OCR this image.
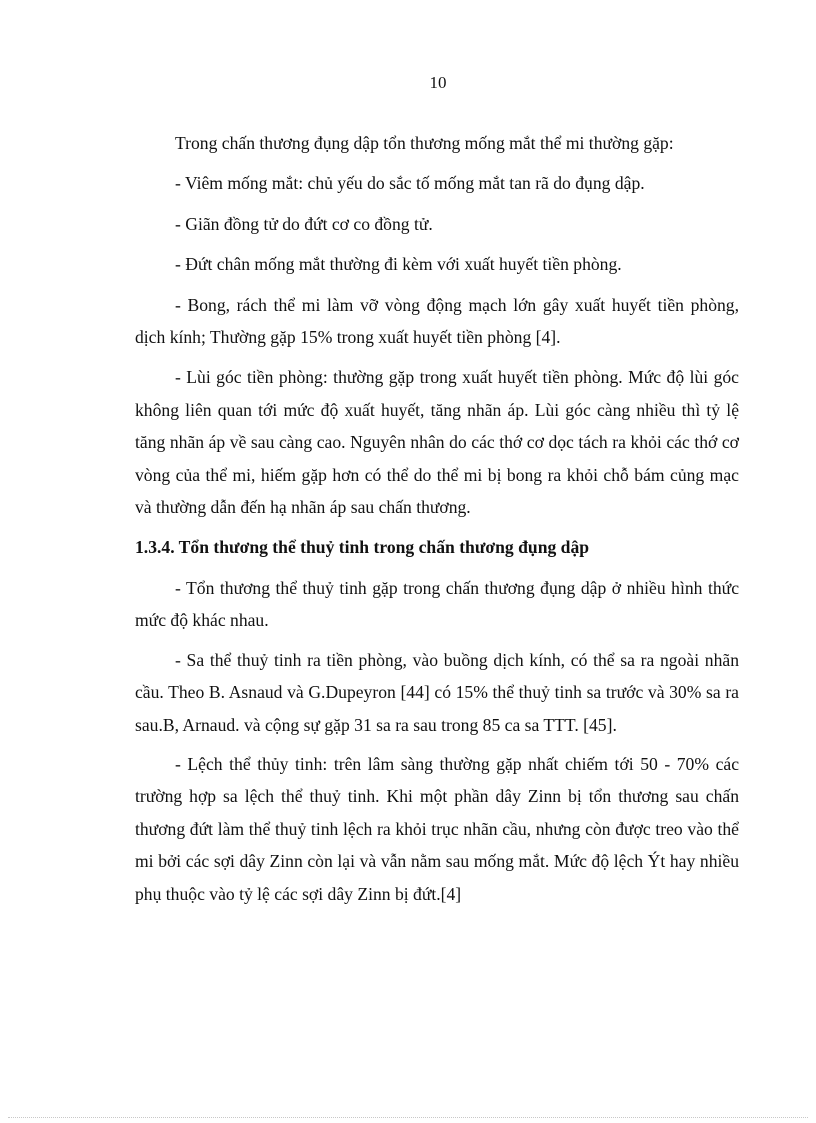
10

Trong chấn thương đụng dập tổn thương mống mắt thể mi thường gặp:

- Viêm mống mắt: chủ yếu do sắc tố mống mắt tan rã do đụng dập.

- Giãn đồng tử do đứt cơ co đồng tử.

- Đứt chân mống mắt thường đi kèm với xuất huyết tiền phòng.

- Bong, rách thể mi làm vỡ vòng động mạch lớn gây xuất huyết tiền phòng, dịch kính; Thường gặp 15% trong xuất huyết tiền phòng [4].

- Lùi góc tiền phòng: thường gặp trong xuất huyết tiền phòng. Mức độ lùi góc không liên quan tới mức độ xuất huyết, tăng nhãn áp. Lùi góc càng nhiều thì tỷ lệ tăng nhãn áp về sau càng cao. Nguyên nhân do các thớ cơ dọc tách ra khỏi các thớ cơ vòng của thể mi, hiếm gặp hơn có thể do thể mi bị bong ra khỏi chỗ bám củng mạc và thường dẫn đến hạ nhãn áp sau chấn thương.

1.3.4. Tổn thương thể thuỷ tinh trong chấn thương đụng dập

- Tổn thương thể thuỷ tinh gặp trong chấn thương đụng dập ở nhiều hình thức mức độ khác nhau.

- Sa thể thuỷ tinh ra tiền phòng, vào buồng dịch kính, có thể sa ra ngoài nhãn cầu. Theo B. Asnaud và G.Dupeyron [44] có 15% thể thuỷ tinh sa trước và 30% sa ra sau.B, Arnaud. và cộng sự gặp 31 sa ra sau trong 85 ca sa TTT. [45].

- Lệch thể thủy tinh: trên lâm sàng thường gặp nhất chiếm tới 50 - 70% các trường hợp sa lệch thể thuỷ tinh. Khi một phần dây Zinn bị tổn thương sau chấn thương đứt làm thể thuỷ tinh lệch ra khỏi trục nhãn cầu, nhưng còn được treo vào thể mi bởi các sợi dây Zinn còn lại và vẫn nằm sau mống mắt. Mức độ lệch Ýt hay nhiều phụ thuộc vào tỷ lệ các sợi dây Zinn bị đứt.[4]
